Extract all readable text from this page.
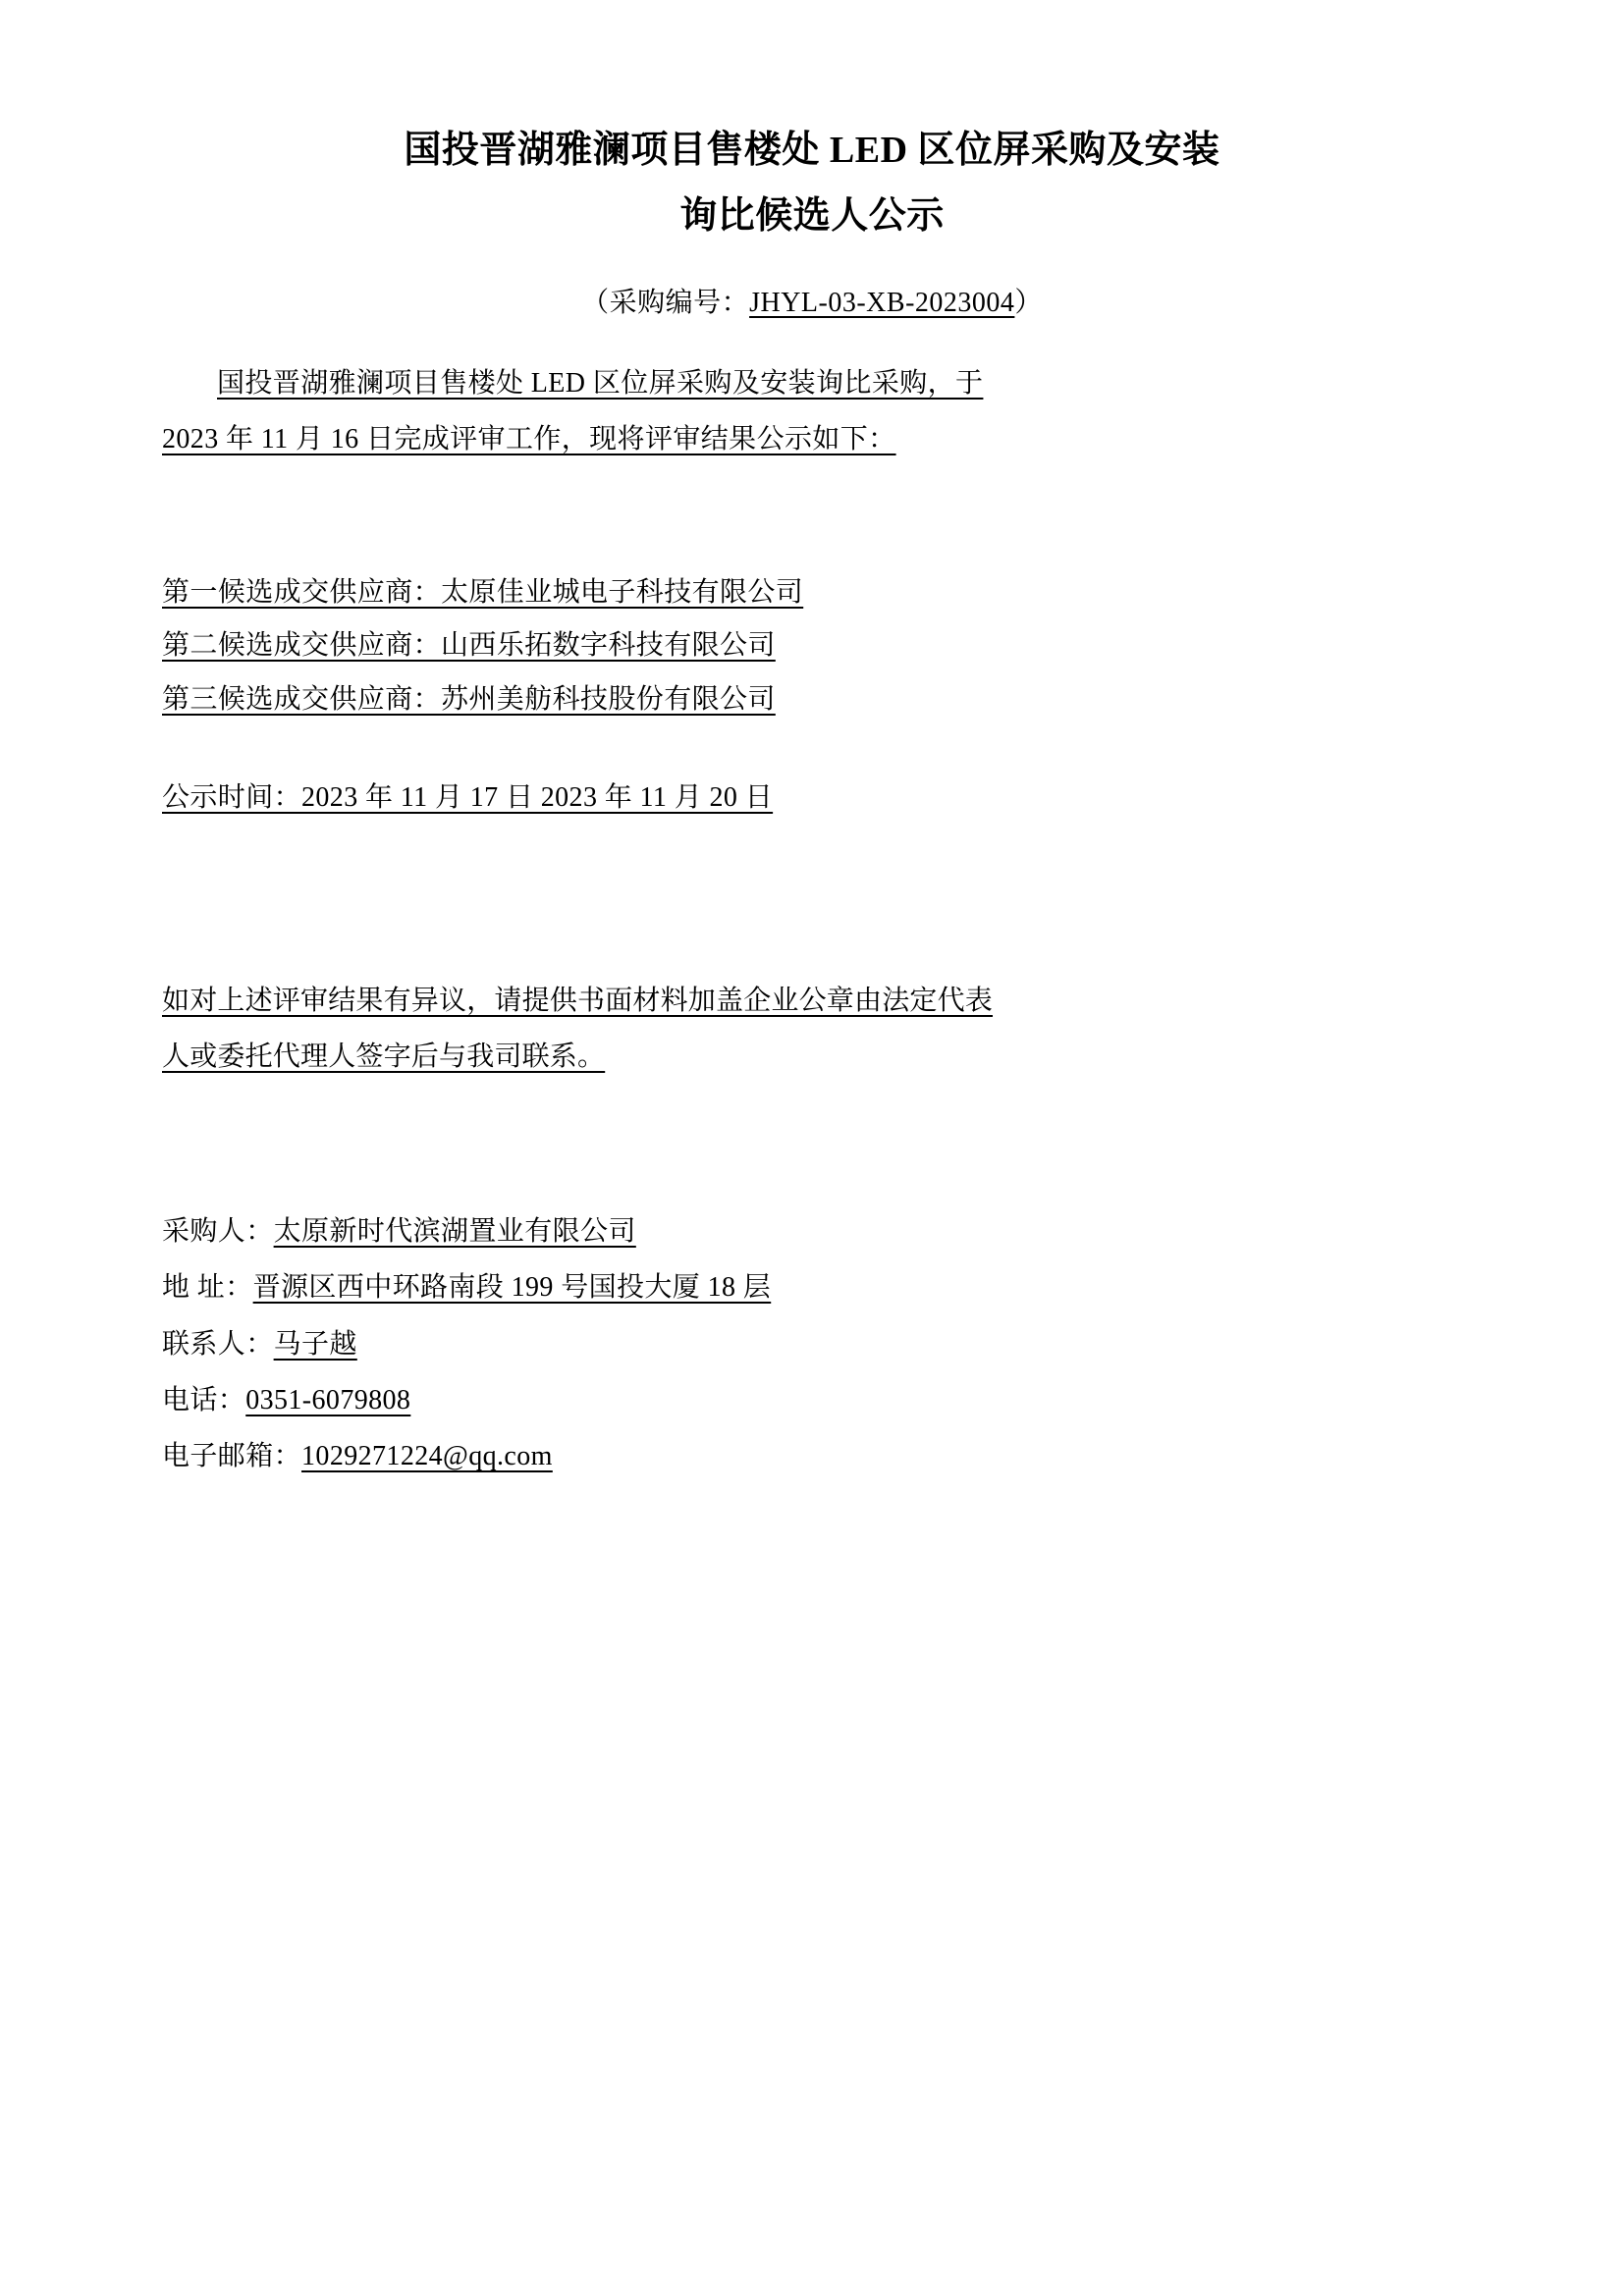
国投晋湖雅澜项目售楼处 LED 区位屏采购及安装
询比候选人公示
（采购编号：JHYL-03-XB-2023004）

国投晋湖雅澜项目售楼处 LED 区位屏采购及安装询比采购，于
2023 年 11 月 16 日完成评审工作，现将评审结果公示如下：

第一候选成交供应商：太原佳业城电子科技有限公司
第二候选成交供应商：山西乐拓数字科技有限公司
第三候选成交供应商：苏州美舫科技股份有限公司
公示时间：2023 年 11 月 17 日 2023 年 11 月 20 日
如对上述评审结果有异议，请提供书面材料加盖企业公章由法定代表
人或委托代理人签字后与我司联系。
采购人：太原新时代滨湖置业有限公司
地 址：晋源区西中环路南段 199 号国投大厦 18 层
联系人：马子越
电话：0351-6079808
电子邮箱：1029271224@qq.com
